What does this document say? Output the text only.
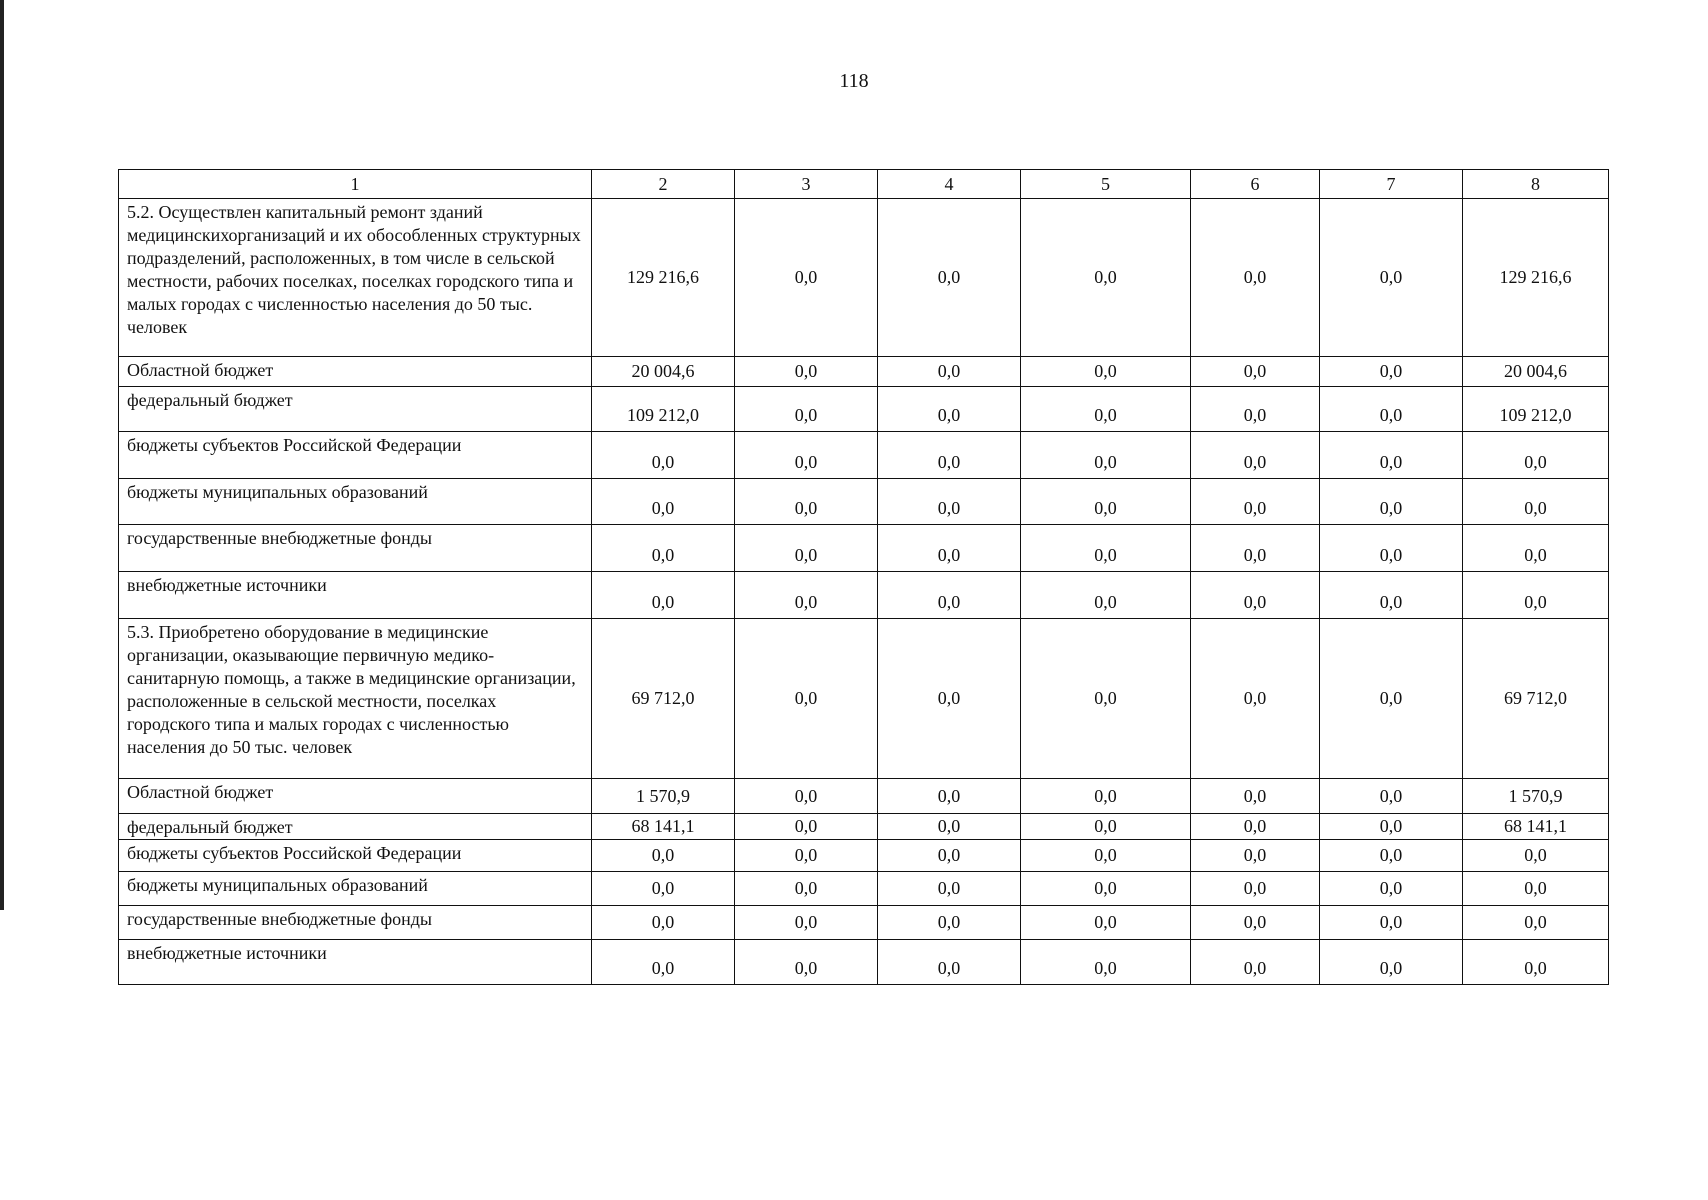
118
1	2	3	4	5	6	7	8
5.2. Осуществлен капитальный ремонт зданий медицинскихорганизаций и их обособленных структурных подразделений, расположенных, в том числе в сельской местности, рабочих поселках, поселках городского типа и малых городах с численностью населения до 50 тыс. человек	129 216,6	0,0	0,0	0,0	0,0	0,0	129 216,6
Областной бюджет	20 004,6	0,0	0,0	0,0	0,0	0,0	20 004,6
федеральный бюджет	109 212,0	0,0	0,0	0,0	0,0	0,0	109 212,0
бюджеты субъектов Российской Федерации	0,0	0,0	0,0	0,0	0,0	0,0	0,0
бюджеты муниципальных образований	0,0	0,0	0,0	0,0	0,0	0,0	0,0
государственные внебюджетные фонды	0,0	0,0	0,0	0,0	0,0	0,0	0,0
внебюджетные источники	0,0	0,0	0,0	0,0	0,0	0,0	0,0
5.3. Приобретено оборудование в медицинские организации, оказывающие первичную медико-санитарную помощь, а также в медицинские организации, расположенные в сельской местности, поселках городского типа и малых городах с численностью населения до 50 тыс. человек	69 712,0	0,0	0,0	0,0	0,0	0,0	69 712,0
Областной бюджет	1 570,9	0,0	0,0	0,0	0,0	0,0	1 570,9
федеральный бюджет	68 141,1	0,0	0,0	0,0	0,0	0,0	68 141,1
бюджеты субъектов Российской Федерации	0,0	0,0	0,0	0,0	0,0	0,0	0,0
бюджеты муниципальных образований	0,0	0,0	0,0	0,0	0,0	0,0	0,0
государственные внебюджетные фонды	0,0	0,0	0,0	0,0	0,0	0,0	0,0
внебюджетные источники	0,0	0,0	0,0	0,0	0,0	0,0	0,0
